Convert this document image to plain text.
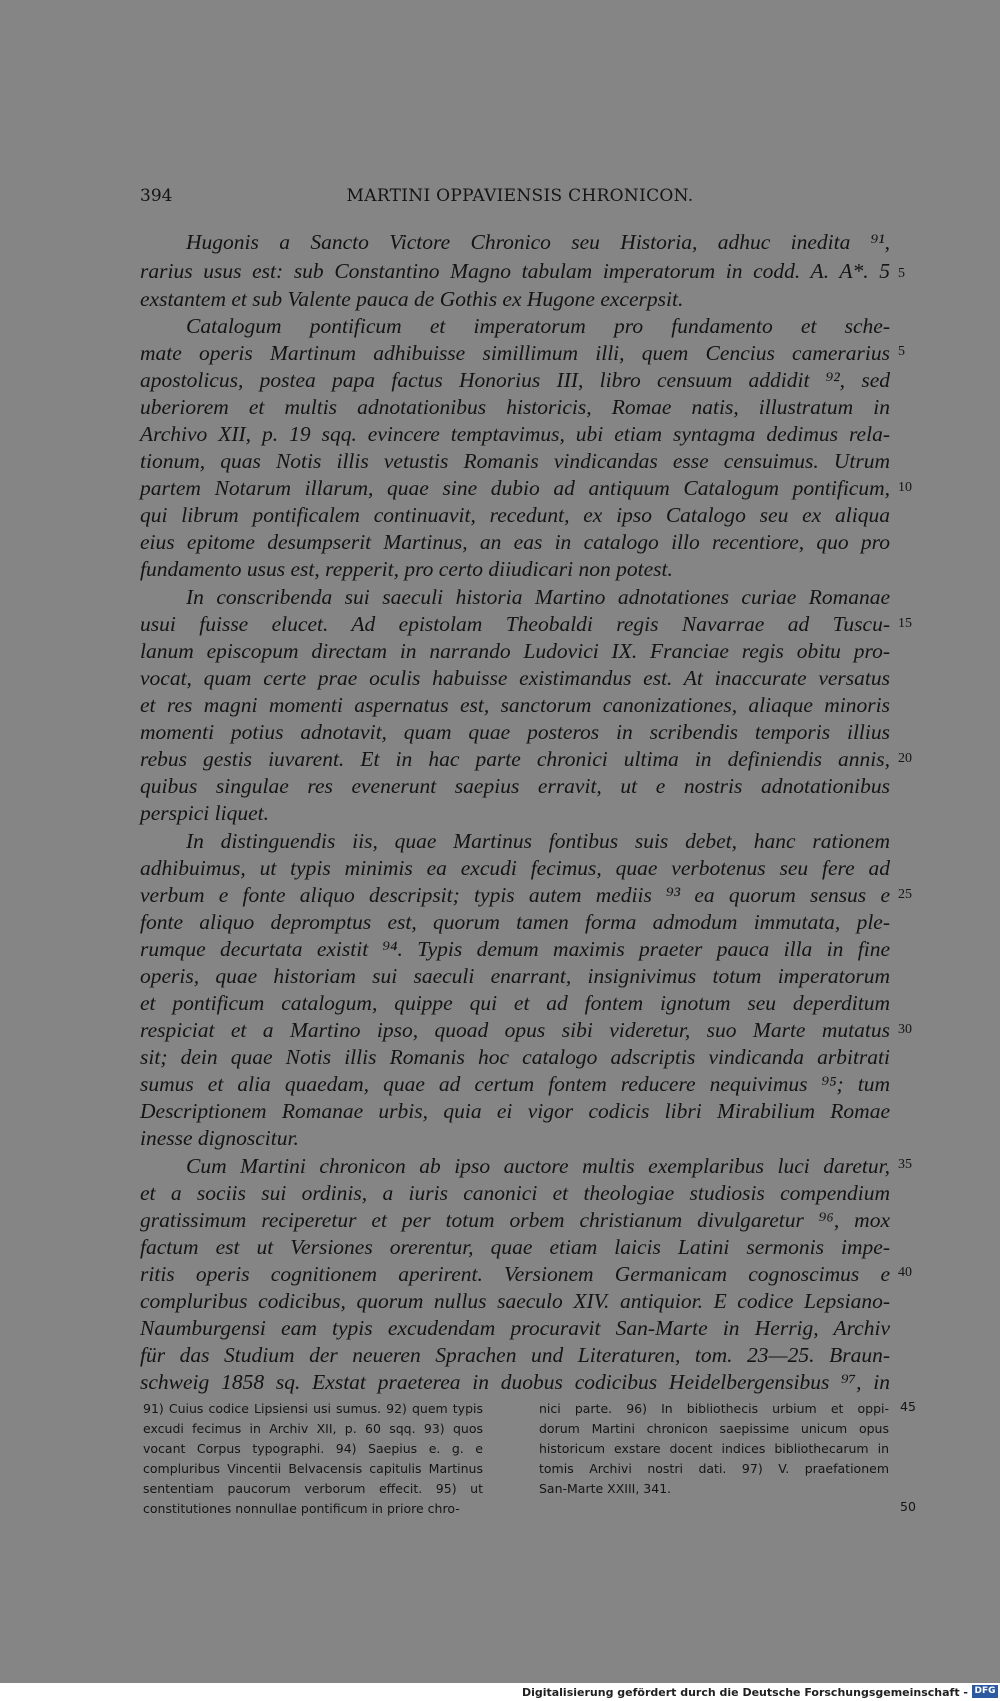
394	MARTINI OPPAVIENSIS CHRONICON.
Hugonis a Sancto Victore Chronico seu Historia, adhuc inedita ⁹¹,
rarius usus est: sub Constantino Magno tabulam imperatorum in codd. A. A*. 5
exstantem et sub Valente pauca de Gothis ex Hugone excerpsit.
Catalogum pontificum et imperatorum pro fundamento et sche-
mate operis Martinum adhibuisse simillimum illi, quem Cencius camerarius
apostolicus, postea papa factus Honorius III, libro censuum addidit ⁹², sed
uberiorem et multis adnotationibus historicis, Romae natis, illustratum in
Archivo XII, p. 19 sqq. evincere temptavimus, ubi etiam syntagma dedimus rela-
tionum, quas Notis illis vetustis Romanis vindicandas esse censuimus. Utrum
partem Notarum illarum, quae sine dubio ad antiquum Catalogum pontificum,
qui librum pontificalem continuavit, recedunt, ex ipso Catalogo seu ex aliqua
eius epitome desumpserit Martinus, an eas in catalogo illo recentiore, quo pro
fundamento usus est, repperit, pro certo diiudicari non potest.
In conscribenda sui saeculi historia Martino adnotationes curiae Romanae
usui fuisse elucet. Ad epistolam Theobaldi regis Navarrae ad Tuscu-
lanum episcopum directam in narrando Ludovici IX. Franciae regis obitu pro-
vocat, quam certe prae oculis habuisse existimandus est. At inaccurate versatus
et res magni momenti aspernatus est, sanctorum canonizationes, aliaque minoris
momenti potius adnotavit, quam quae posteros in scribendis temporis illius
rebus gestis iuvarent. Et in hac parte chronici ultima in definiendis annis,
quibus singulae res evenerunt saepius erravit, ut e nostris adnotationibus
perspici liquet.
In distinguendis iis, quae Martinus fontibus suis debet, hanc rationem
adhibuimus, ut typis minimis ea excudi fecimus, quae verbotenus seu fere ad
verbum e fonte aliquo descripsit; typis autem mediis ⁹³ ea quorum sensus e
fonte aliquo depromptus est, quorum tamen forma admodum immutata, ple-
rumque decurtata existit ⁹⁴. Typis demum maximis praeter pauca illa in fine
operis, quae historiam sui saeculi enarrant, insignivimus totum imperatorum
et pontificum catalogum, quippe qui et ad fontem ignotum seu deperditum
respiciat et a Martino ipso, quoad opus sibi videretur, suo Marte mutatus
sit; dein quae Notis illis Romanis hoc catalogo adscriptis vindicanda arbitrati
sumus et alia quaedam, quae ad certum fontem reducere nequivimus ⁹⁵; tum
Descriptionem Romanae urbis, quia ei vigor codicis libri Mirabilium Romae
inesse dignoscitur.
Cum Martini chronicon ab ipso auctore multis exemplaribus luci daretur,
et a sociis sui ordinis, a iuris canonici et theologiae studiosis compendium
gratissimum reciperetur et per totum orbem christianum divulgaretur ⁹⁶, mox
factum est ut Versiones orerentur, quae etiam laicis Latini sermonis impe-
ritis operis cognitionem aperirent. Versionem Germanicam cognoscimus e
compluribus codicibus, quorum nullus saeculo XIV. antiquior. E codice Lepsiano-
Naumburgensi eam typis excudendam procuravit San-Marte in Herrig, Archiv
für das Studium der neueren Sprachen und Literaturen, tom. 23—25. Braun-
schweig 1858 sq. Exstat praeterea in duobus codicibus Heidelbergensibus ⁹⁷, in
5
5
10
15
20
25
30
35
40
91) Cuius codice Lipsiensi usi sumus. 92) quem typis
excudi fecimus in Archiv XII, p. 60 sqq. 93) quos
vocant Corpus typographi. 94) Saepius e. g. e
compluribus Vincentii Belvacensis capitulis Martinus
sententiam paucorum verborum effecit. 95) ut
constitutiones nonnullae pontificum in priore chro-
nici parte. 96) In bibliothecis urbium et oppi-
dorum Martini chronicon saepissime unicum opus
historicum exstare docent indices bibliothecarum in
tomis Archivi nostri dati. 97) V. praefationem
San-Marte XXIII, 341.
45
50
Digitalisierung gefördert durch die Deutsche Forschungsgemeinschaft - DFG
